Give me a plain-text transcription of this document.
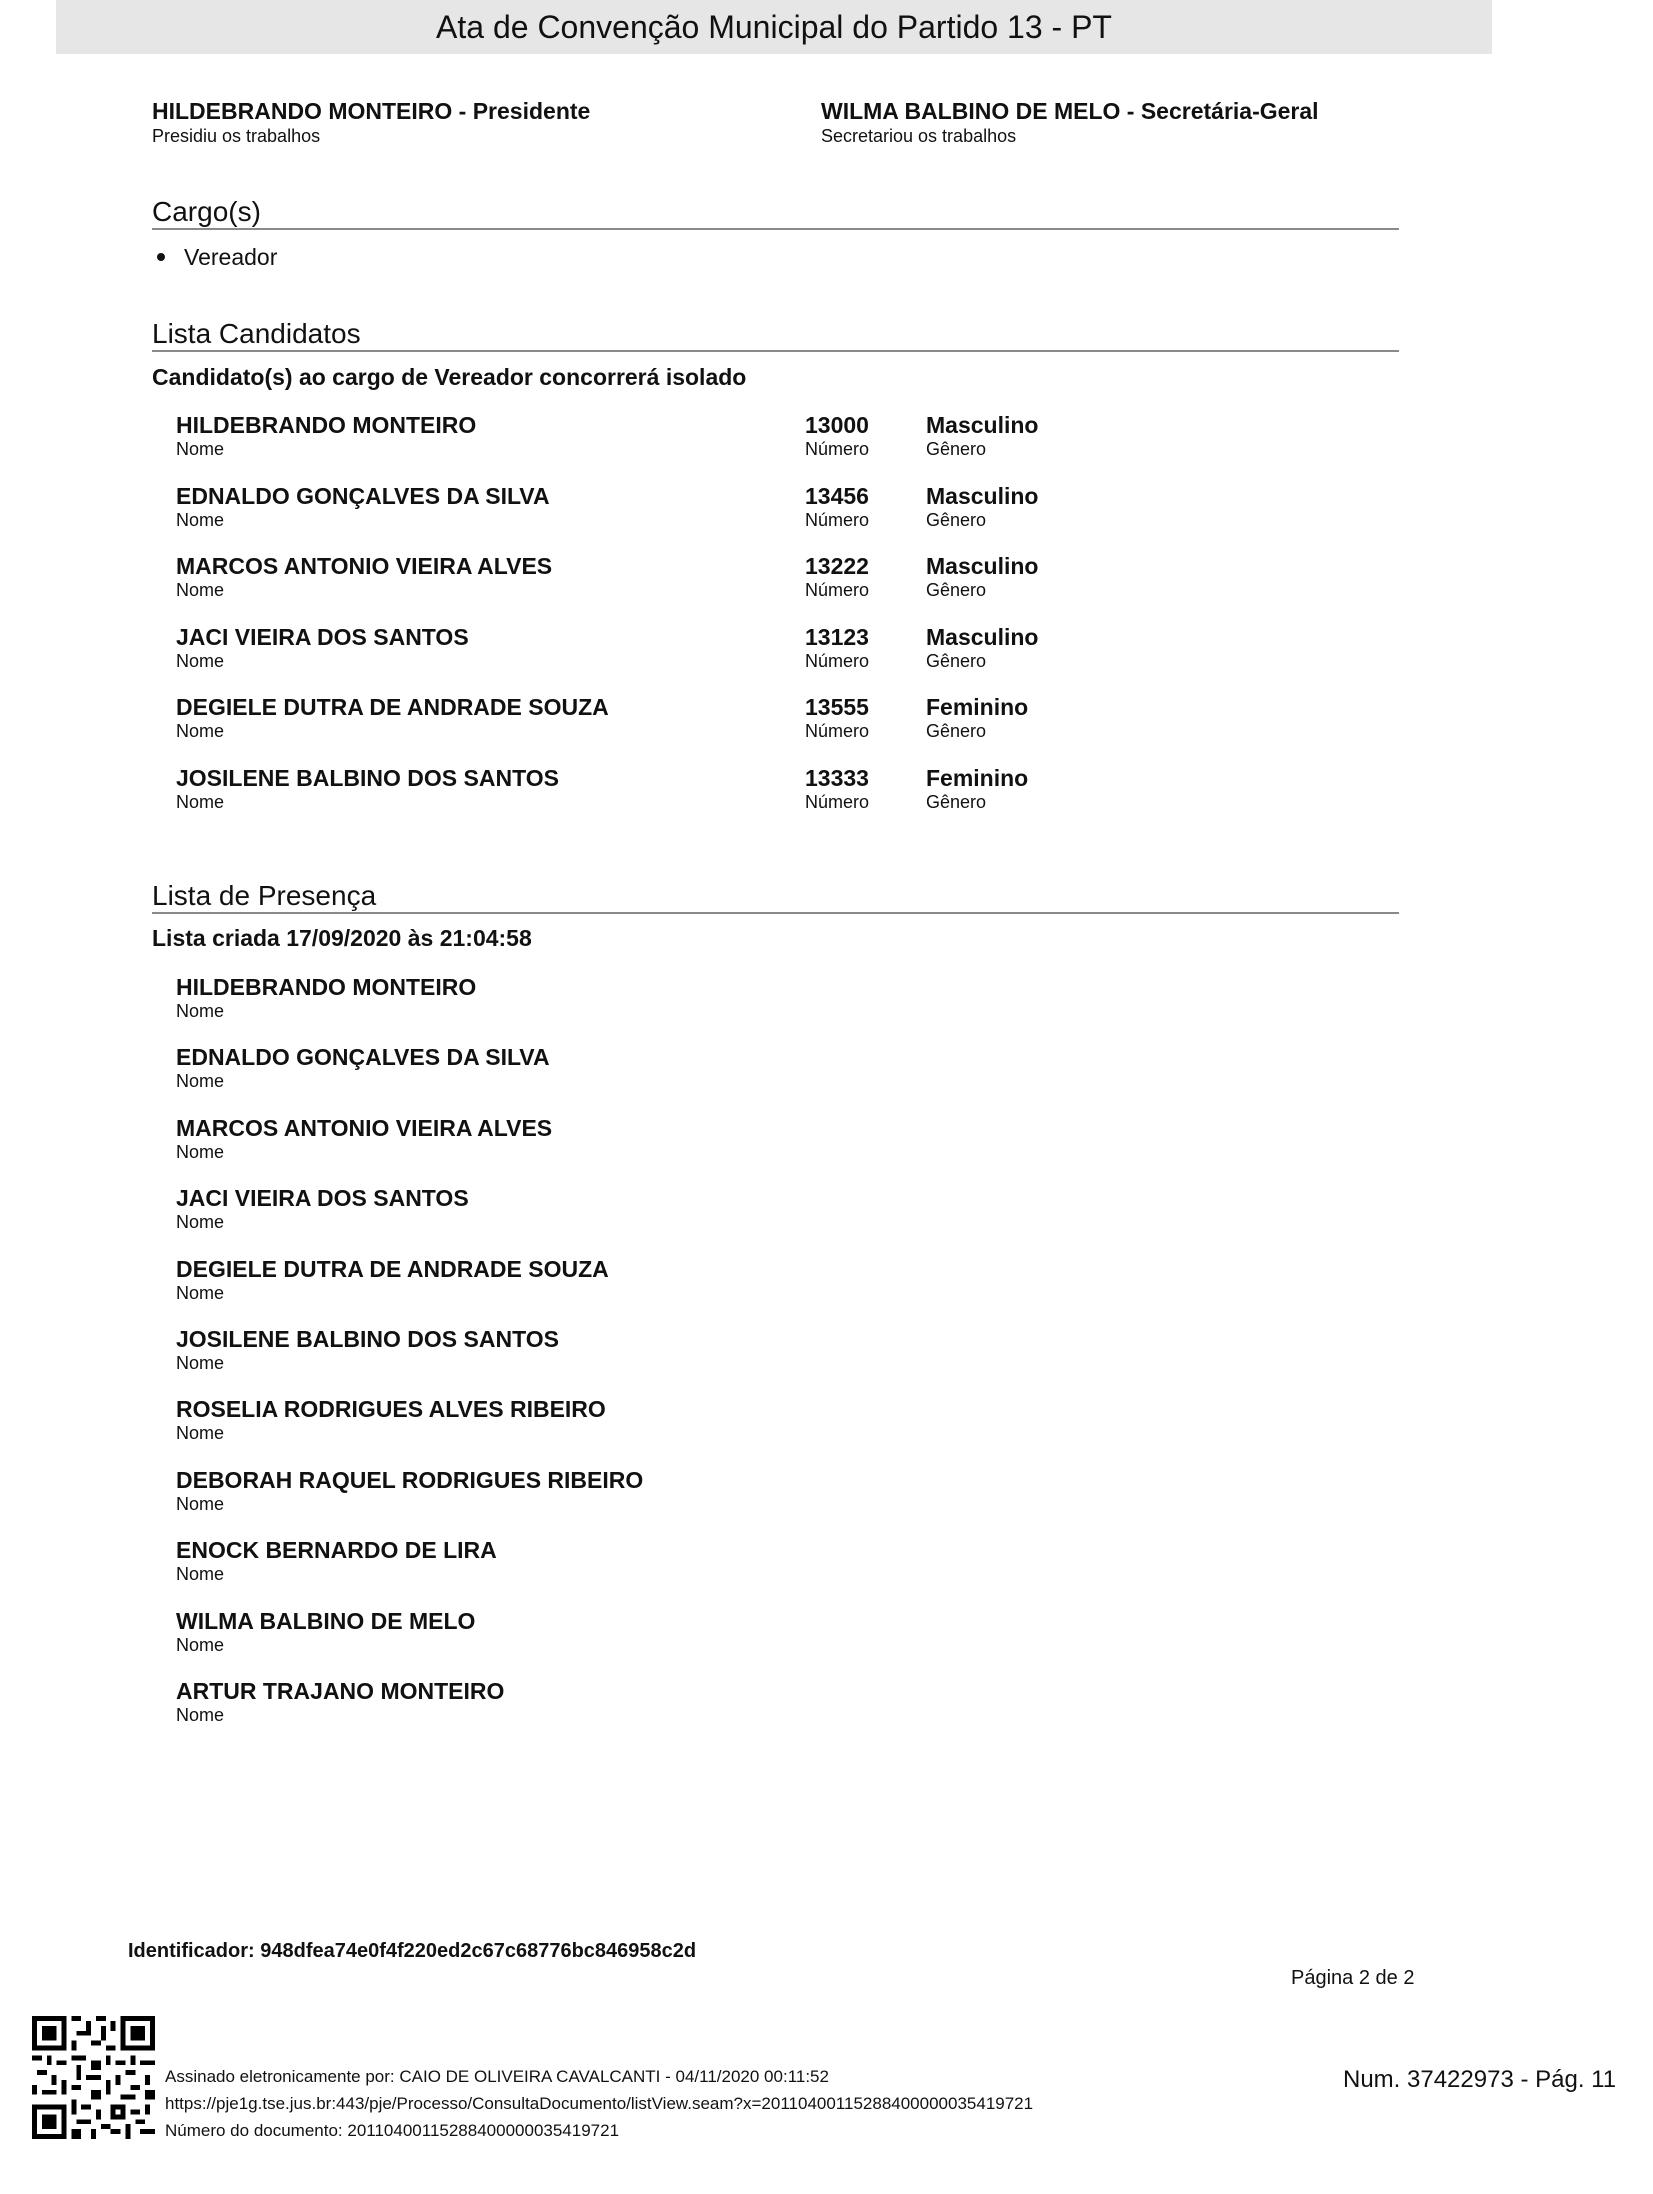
Ata de Convenção Municipal do Partido 13 - PT
HILDEBRANDO MONTEIRO - Presidente
Presidiu os trabalhos
WILMA BALBINO DE MELO - Secretária-Geral
Secretariou os trabalhos
Cargo(s)
Vereador
Lista Candidatos
Candidato(s) ao cargo de Vereador concorrerá isolado
HILDEBRANDO MONTEIRO
Nome
13000
Número
Masculino
Gênero
EDNALDO GONÇALVES DA SILVA
Nome
13456
Número
Masculino
Gênero
MARCOS ANTONIO VIEIRA ALVES
Nome
13222
Número
Masculino
Gênero
JACI VIEIRA DOS SANTOS
Nome
13123
Número
Masculino
Gênero
DEGIELE DUTRA DE ANDRADE SOUZA
Nome
13555
Número
Feminino
Gênero
JOSILENE BALBINO DOS SANTOS
Nome
13333
Número
Feminino
Gênero
Lista de Presença
Lista criada 17/09/2020 às 21:04:58
HILDEBRANDO MONTEIRO
Nome
EDNALDO GONÇALVES DA SILVA
Nome
MARCOS ANTONIO VIEIRA ALVES
Nome
JACI VIEIRA DOS SANTOS
Nome
DEGIELE DUTRA DE ANDRADE SOUZA
Nome
JOSILENE BALBINO DOS SANTOS
Nome
ROSELIA RODRIGUES ALVES RIBEIRO
Nome
DEBORAH RAQUEL RODRIGUES RIBEIRO
Nome
ENOCK BERNARDO DE LIRA
Nome
WILMA BALBINO DE MELO
Nome
ARTUR TRAJANO MONTEIRO
Nome
Identificador: 948dfea74e0f4f220ed2c67c68776bc846958c2d
Página 2 de 2
Assinado eletronicamente por: CAIO DE OLIVEIRA CAVALCANTI - 04/11/2020 00:11:52
https://pje1g.tse.jus.br:443/pje/Processo/ConsultaDocumento/listView.seam?x=20110400115288400000035419721
Número do documento: 20110400115288400000035419721
Num. 37422973 - Pág. 11
